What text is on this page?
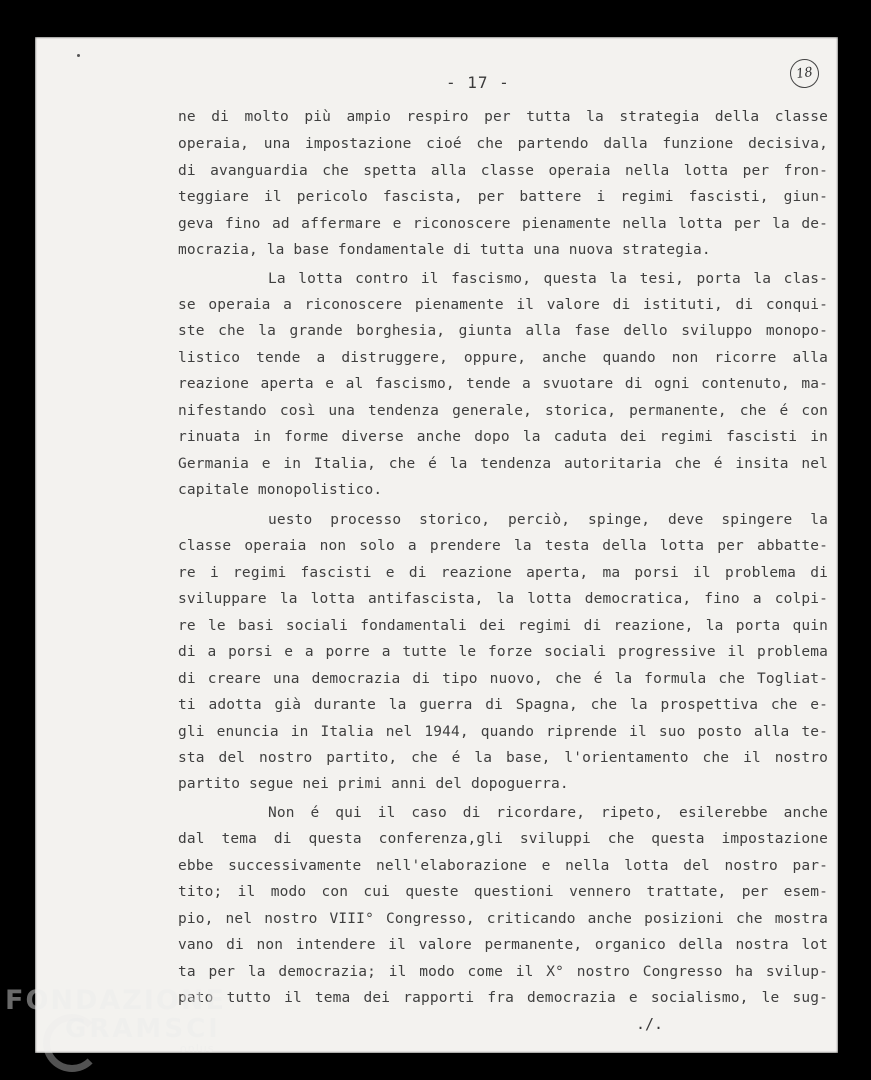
- 17 -	18
ne di molto più ampio respiro per tutta la strategia della classe
operaia, una impostazione cioé che partendo dalla funzione decisiva,
di avanguardia che spetta alla classe operaia nella lotta per fron-
teggiare il pericolo fascista, per battere i regimi fascisti, giun-
geva fino ad affermare e riconoscere pienamente nella lotta per la de-
mocrazia, la base fondamentale di tutta una nuova strategia.
La lotta contro il fascismo, questa la tesi, porta la clas-
se operaia a riconoscere pienamente il valore di istituti, di conqui-
ste che la grande borghesia, giunta alla fase dello sviluppo monopo-
listico tende a distruggere, oppure, anche quando non ricorre alla
reazione aperta e al fascismo, tende a svuotare di ogni contenuto, ma-
nifestando così una tendenza generale, storica, permanente, che é con
rinuata in forme diverse anche dopo la caduta dei regimi fascisti in
Germania e in Italia, che é la tendenza autoritaria che é insita nel
capitale monopolistico.
uesto processo storico, perciò, spinge, deve spingere la
classe operaia non solo a prendere la testa della lotta per abbatte-
re i regimi fascisti e di reazione aperta, ma porsi il problema di
sviluppare la lotta antifascista, la lotta democratica, fino a colpi-
re le basi sociali fondamentali dei regimi di reazione, la porta quin
di a porsi e a porre a tutte le forze sociali progressive il problema
di creare una democrazia di tipo nuovo, che é la formula che Togliat-
ti adotta già durante la guerra di Spagna, che la prospettiva che e-
gli enuncia in Italia nel 1944, quando riprende il suo posto alla te-
sta del nostro partito, che é la base, l'orientamento che il nostro
partito segue nei primi anni del dopoguerra.
Non é qui il caso di ricordare, ripeto, esilerebbe anche
dal tema di questa conferenza,gli sviluppi che questa impostazione
ebbe successivamente nell'elaborazione e nella lotta del nostro par-
tito; il modo con cui queste questioni vennero trattate, per esem-
pio, nel nostro VIII° Congresso, criticando anche posizioni che mostra
vano di non intendere il valore permanente, organico della nostra lot
ta per la democrazia; il modo come il X° nostro Congresso ha svilup-
pato tutto il tema dei rapporti fra democrazia e socialismo, le sug-
./.
FONDAZIONE
GRAMSCI
onlus
